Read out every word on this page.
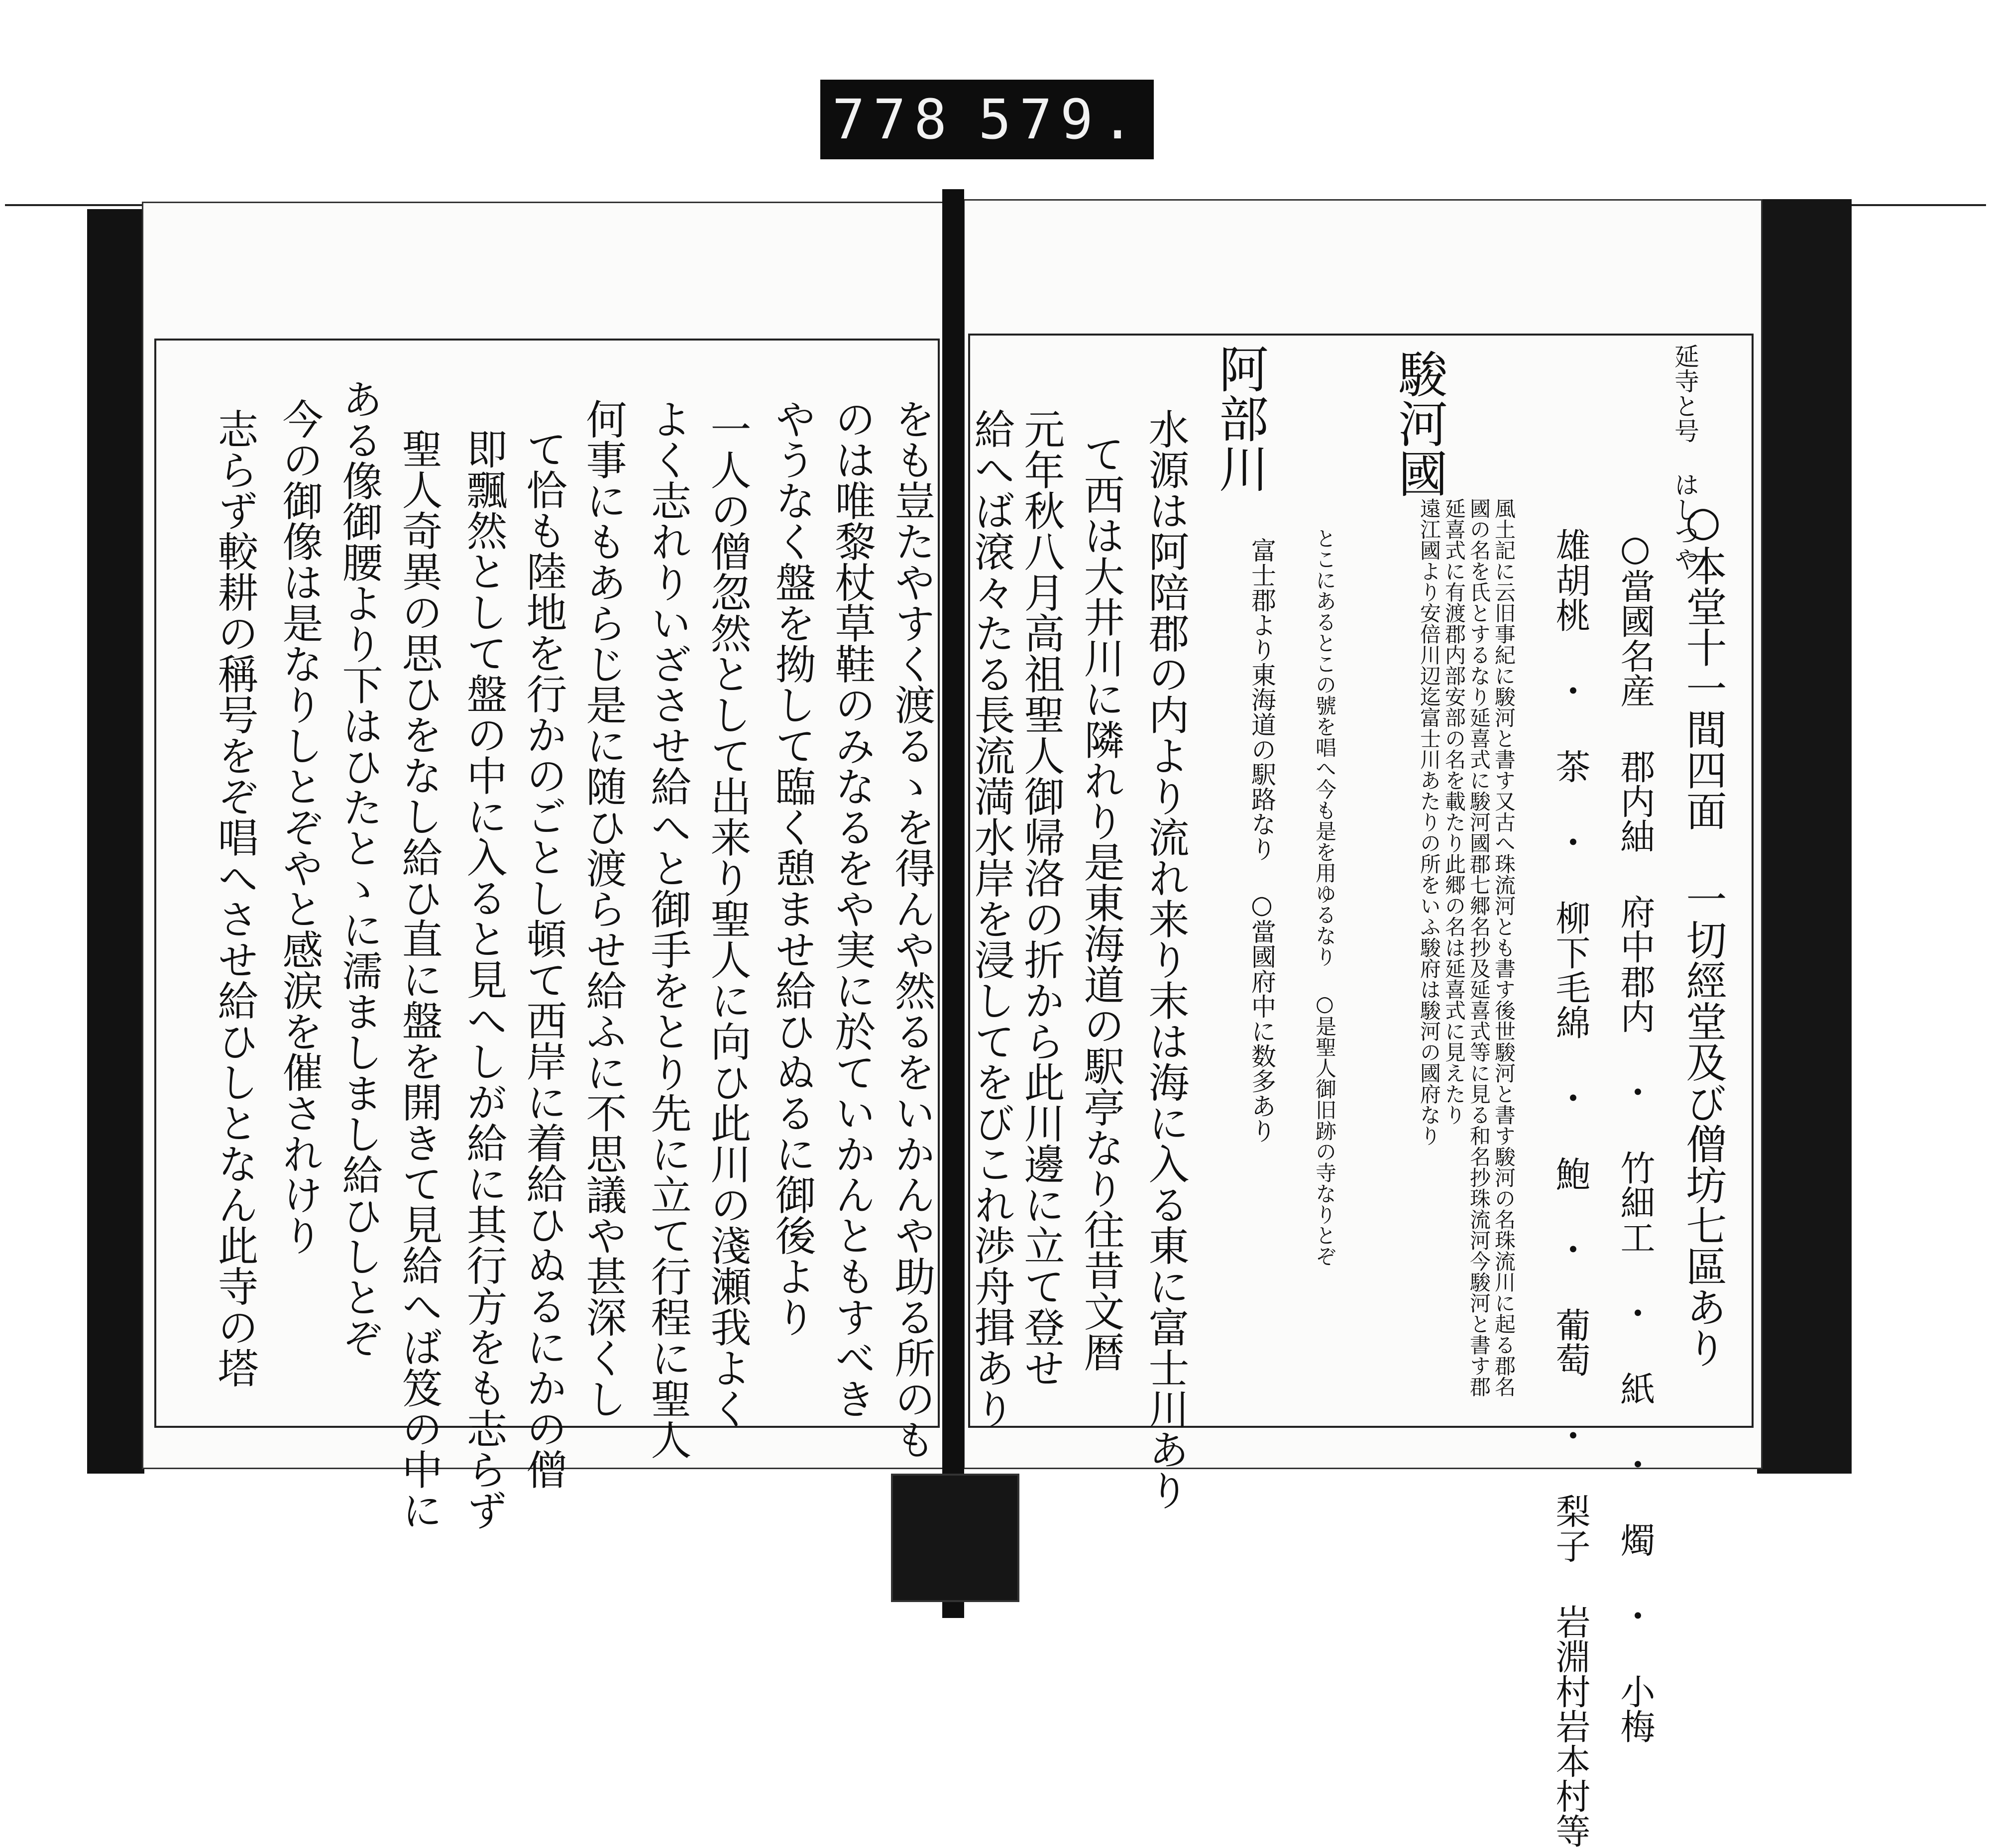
778 579.
延寺と号 はしつや
○本堂十一間四面 一切經堂及び僧坊七區あり
○當國名産 郡内紬 府中郡内 ・ 竹細工 ・ 紙 ・ 燭 ・ 小梅
雄胡桃 ・ 茶 ・ 柳下毛綿 ・ 鮑 ・ 葡萄 ・ 梨子 岩淵村岩本村等
風土記に云旧事紀に駿河と書す又古へ珠流河とも書す後世駿河と書す駿河の名珠流川に起る郡名
國の名を氏とするなり延喜式に駿河國郡七郷名抄及延喜式等に見る和名抄珠流河今駿河と書す郡
延喜式に有渡郡内部安部の名を載たり此郷の名は延喜式に見えたり
遠江國より安倍川辺迄富士川あたりの所をいふ駿府は駿河の國府なり
とこにあるとこの號を唱へ今も是を用ゆるなり ○是聖人御旧跡の寺なりとぞ
駿河國
阿部川
富士郡より東海道の駅路なり ○當國府中に数多あり
水源は阿陪郡の内より流れ来り末は海に入る東に富士川あり
て西は大井川に隣れり是東海道の駅亭なり往昔文暦
元年秋八月高祖聖人御帰洛の折から此川邊に立て登せ
給へば滾々たる長流満水岸を浸してをびこれ渉舟揖あり
をも豈たやすく渡るゝを得んや然るをいかんや助る所のも
のは唯黎杖草鞋のみなるをや実に於ていかんともすべき
やうなく盤を拗して臨く憩ませ給ひぬるに御後より
一人の僧忽然として出来り聖人に向ひ此川の淺瀬我よく
よく志れりいざさせ給へと御手をとり先に立て行程に聖人
何事にもあらじ是に随ひ渡らせ給ふに不思議や甚深くし
て恰も陸地を行かのごとし頓て西岸に着給ひぬるにかの僧
即飄然として盤の中に入ると見へしが給に其行方をも志らず
聖人奇異の思ひをなし給ひ直に盤を開きて見給へば笈の中に
ある像御腰より下はひたとゝに濡ましまし給ひしとぞ
今の御像は是なりしとぞやと感涙を催されけり
志らず較耕の稱号をぞ唱へさせ給ひしとなん此寺の塔
